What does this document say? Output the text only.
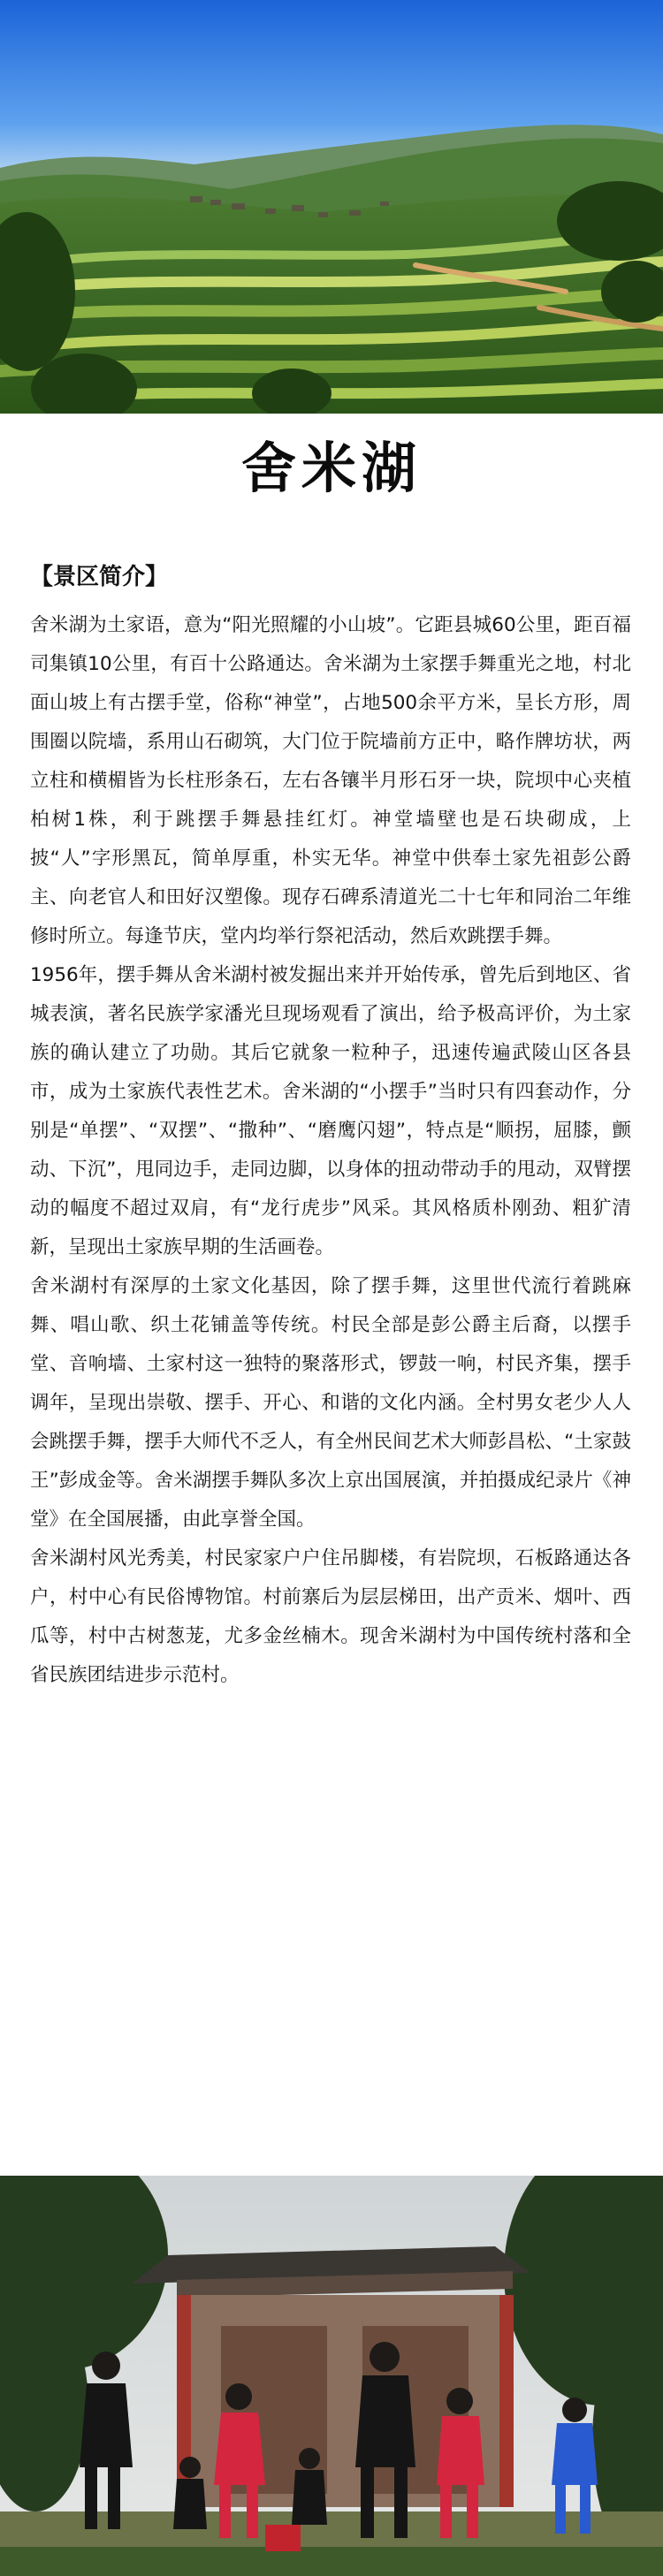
舍米湖
【景区简介】

舍米湖为土家语，意为“阳光照耀的小山坡”。它距县城60公里，距百福司集镇10公里，有百十公路通达。舍米湖为土家摆手舞重光之地，村北面山坡上有古摆手堂，俗称“神堂”，占地500余平方米，呈长方形，周围圈以院墙，系用山石砌筑，大门位于院墙前方正中，略作牌坊状，两立柱和横楣皆为长柱形条石，左右各镶半月形石牙一块，院坝中心夹植柏树1株，利于跳摆手舞悬挂红灯。神堂墙壁也是石块砌成，上披“人”字形黑瓦，简单厚重，朴实无华。神堂中供奉土家先祖彭公爵主、向老官人和田好汉塑像。现存石碑系清道光二十七年和同治二年维修时所立。每逢节庆，堂内均举行祭祀活动，然后欢跳摆手舞。

1956年，摆手舞从舍米湖村被发掘出来并开始传承，曾先后到地区、省城表演，著名民族学家潘光旦现场观看了演出，给予极高评价，为土家族的确认建立了功勋。其后它就象一粒种子，迅速传遍武陵山区各县市，成为土家族代表性艺术。舍米湖的“小摆手”当时只有四套动作，分别是“单摆”、“双摆”、“撒种”、“磨鹰闪翅”，特点是“顺拐，屈膝，颤动、下沉”，甩同边手，走同边脚，以身体的扭动带动手的甩动，双臂摆动的幅度不超过双肩，有“龙行虎步”风采。其风格质朴刚劲、粗犷清新，呈现出土家族早期的生活画卷。

舍米湖村有深厚的土家文化基因，除了摆手舞，这里世代流行着跳麻舞、唱山歌、织土花铺盖等传统。村民全部是彭公爵主后裔，以摆手堂、音响墙、土家村这一独特的聚落形式，锣鼓一响，村民齐集，摆手调年，呈现出崇敬、摆手、开心、和谐的文化内涵。全村男女老少人人会跳摆手舞，摆手大师代不乏人，有全州民间艺术大师彭昌松、“土家鼓王”彭成金等。舍米湖摆手舞队多次上京出国展演，并拍摄成纪录片《神堂》在全国展播，由此享誉全国。

舍米湖村风光秀美，村民家家户户住吊脚楼，有岩院坝，石板路通达各户，村中心有民俗博物馆。村前寨后为层层梯田，出产贡米、烟叶、西瓜等，村中古树葱茏，尤多金丝楠木。现舍米湖村为中国传统村落和全省民族团结进步示范村。
